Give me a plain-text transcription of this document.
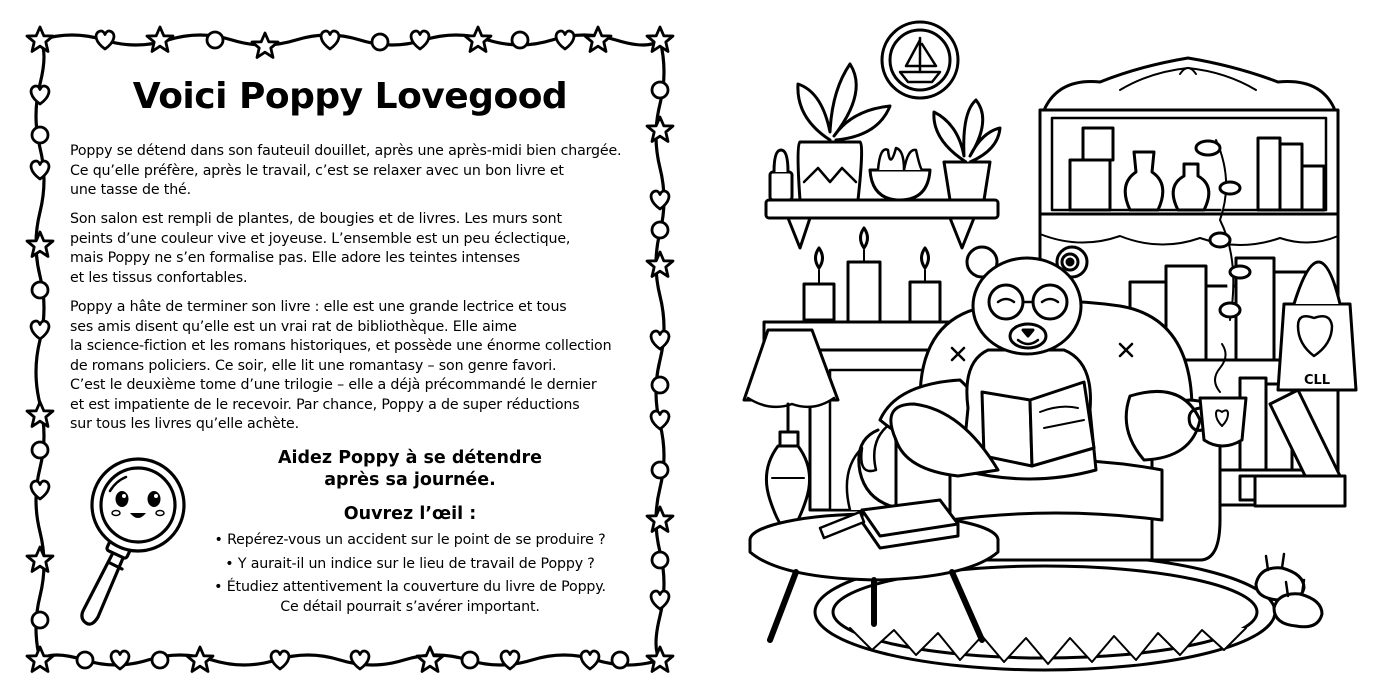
Voici Poppy Lovegood
Poppy se détend dans son fauteuil douillet, après une après-midi bien chargée.
Ce qu’elle préfère, après le travail, c’est se relaxer avec un bon livre et
une tasse de thé.
Son salon est rempli de plantes, de bougies et de livres. Les murs sont
peints d’une couleur vive et joyeuse. L’ensemble est un peu éclectique,
mais Poppy ne s’en formalise pas. Elle adore les teintes intenses
et les tissus confortables.
Poppy a hâte de terminer son livre : elle est une grande lectrice et tous
ses amis disent qu’elle est un vrai rat de bibliothèque. Elle aime
la science-fiction et les romans historiques, et possède une énorme collection
de romans policiers. Ce soir, elle lit une romantasy – son genre favori.
C’est le deuxième tome d’une trilogie – elle a déjà précommandé le dernier
et est impatiente de le recevoir. Par chance, Poppy a de super réductions
sur tous les livres qu’elle achète.
Aidez Poppy à se détendre
après sa journée.
Ouvrez l’œil :
• Repérez-vous un accident sur le point de se produire ?
• Y aurait-il un indice sur le lieu de travail de Poppy ?
• Étudiez attentivement la couverture du livre de Poppy.
Ce détail pourrait s’avérer important.
CLL
